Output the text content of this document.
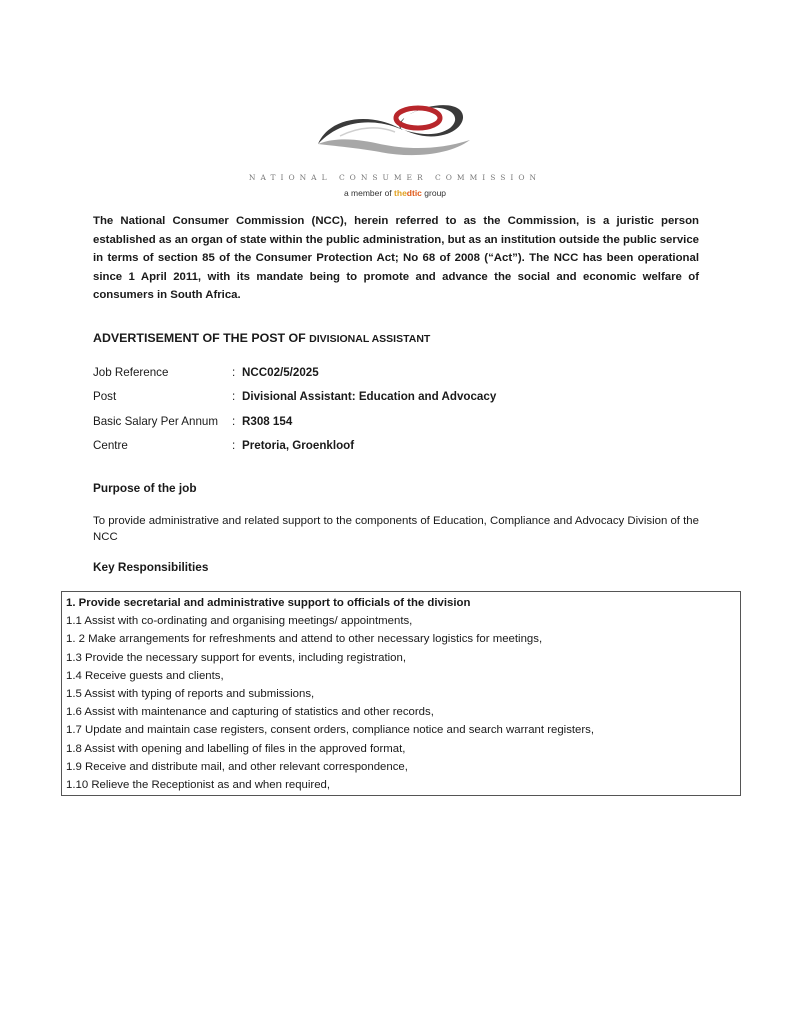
NATIONAL CONSUMER COMMISSION
a member of thedtic group
The National Consumer Commission (NCC), herein referred to as the Commission, is a juristic person established as an organ of state within the public administration, but as an institution outside the public service in terms of section 85 of the Consumer Protection Act; No 68 of 2008 (“Act”). The NCC has been operational since 1 April 2011, with its mandate being to promote and advance the social and economic welfare of consumers in South Africa.
ADVERTISEMENT OF THE POST OF DIVISIONAL ASSISTANT
Job Reference	: NCC02/5/2025
Post	: Divisional Assistant: Education and Advocacy
Basic Salary Per Annum : R308 154
Centre	: Pretoria, Groenkloof
Purpose of the job
To provide administrative and related support to the components of Education, Compliance and Advocacy Division of the NCC
Key Responsibilities
1. Provide secretarial and administrative support to officials of the division
1.1 Assist with co-ordinating and organising meetings/ appointments,
1. 2 Make arrangements for refreshments and attend to other necessary logistics for meetings,
1.3 Provide the necessary support for events, including registration,
1.4 Receive guests and clients,
1.5 Assist with typing of reports and submissions,
1.6 Assist with maintenance and capturing of statistics and other records,
1.7 Update and maintain case registers, consent orders, compliance notice and search warrant registers,
1.8 Assist with opening and labelling of files in the approved format,
1.9 Receive and distribute mail, and other relevant correspondence,
1.10 Relieve the Receptionist as and when required,
